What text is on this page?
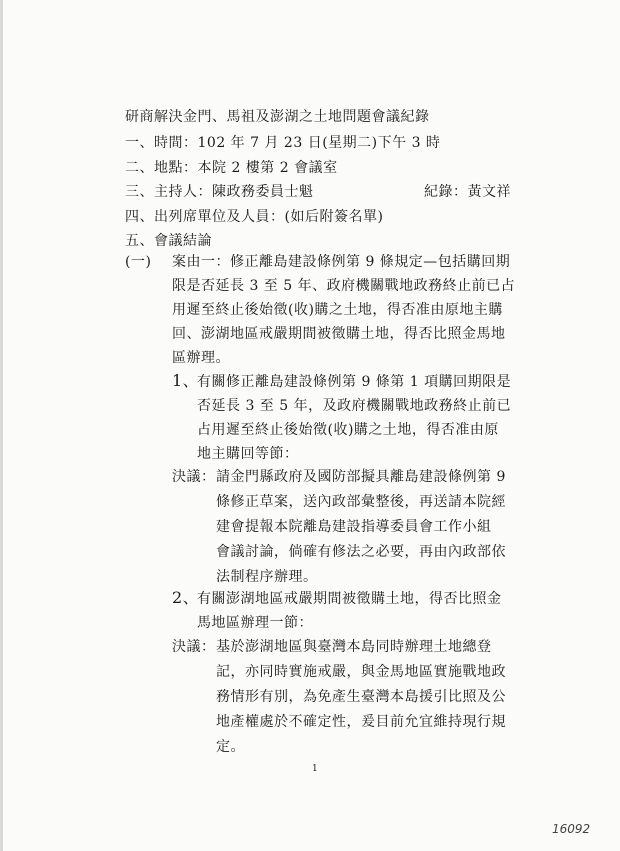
研商解決金門、馬祖及澎湖之土地問題會議紀錄
一、時間：102 年 7 月 23 日(星期二)下午 3 時
二、地點：本院 2 樓第 2 會議室
三、主持人：陳政務委員士魁	紀錄：黃文祥
四、出列席單位及人員：(如后附簽名單)
五、會議結論
(一) 案由一：修正離島建設條例第 9 條規定—包括購回期
限是否延長 3 至 5 年、政府機關戰地政務終止前已占
用遲至終止後始徵(收)購之土地，得否准由原地主購
回、澎湖地區戒嚴期間被徵購土地，得否比照金馬地
區辦理。
1、
有關修正離島建設條例第 9 條第 1 項購回期限是
否延長 3 至 5 年，及政府機關戰地政務終止前已
占用遲至終止後始徵(收)購之土地，得否准由原
地主購回等節：
決議： 請金門縣政府及國防部擬具離島建設條例第 9
條修正草案，送內政部彙整後，再送請本院經
建會提報本院離島建設指導委員會工作小組
會議討論，倘確有修法之必要，再由內政部依
法制程序辦理。
2、
有關澎湖地區戒嚴期間被徵購土地，得否比照金
馬地區辦理一節：
決議： 基於澎湖地區與臺灣本島同時辦理土地總登
記，亦同時實施戒嚴，與金馬地區實施戰地政
務情形有別，為免產生臺灣本島援引比照及公
地產權處於不確定性，爰目前允宜維持現行規
定。
1
16092
